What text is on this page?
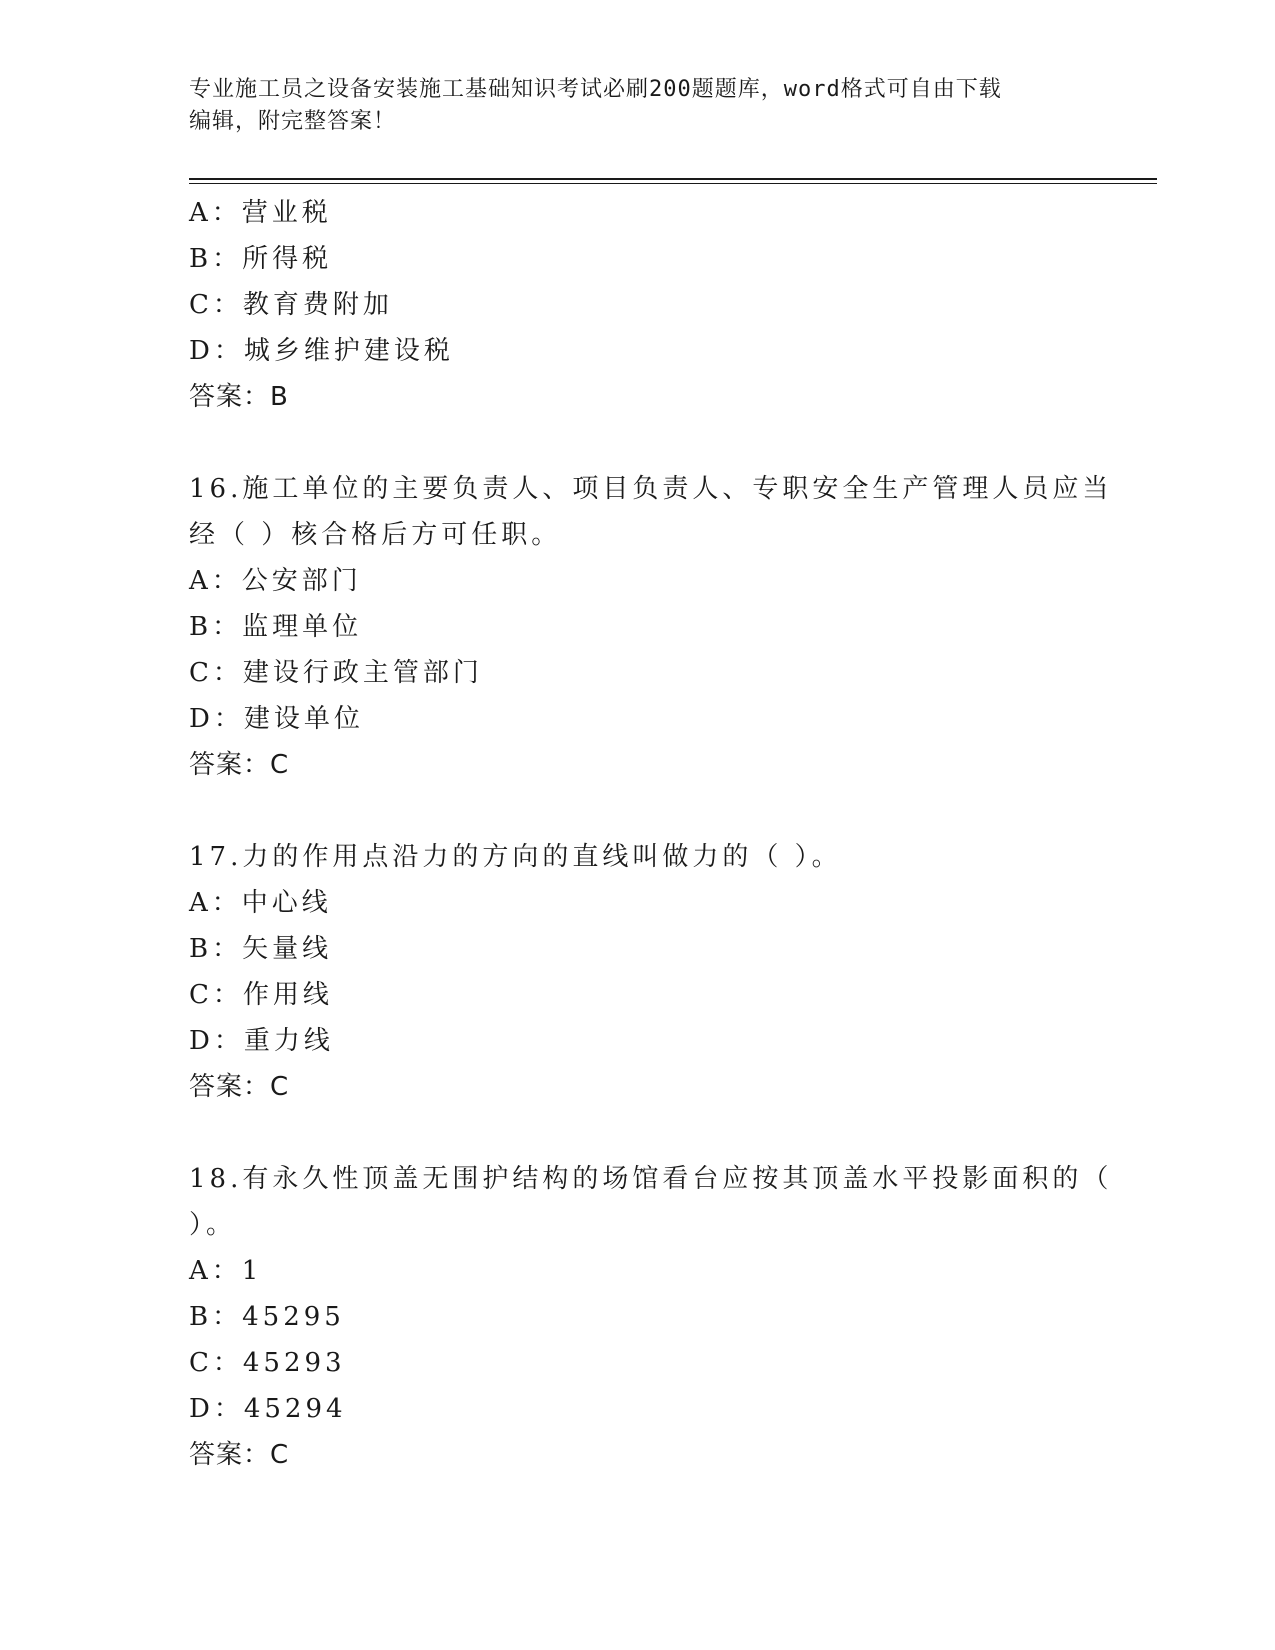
专业施工员之设备安装施工基础知识考试必刷200题题库，word格式可自由下载
编辑，附完整答案！
A：营业税
B：所得税
C：教育费附加
D：城乡维护建设税
答案：B
16.施工单位的主要负责人、项目负责人、专职安全生产管理人员应当
经（ ）核合格后方可任职。
A：公安部门
B：监理单位
C：建设行政主管部门
D：建设单位
答案：C
17.力的作用点沿力的方向的直线叫做力的（ ）。
A：中心线
B：矢量线
C：作用线
D：重力线
答案：C
18.有永久性顶盖无围护结构的场馆看台应按其顶盖水平投影面积的（
）。
A：1
B：45295
C：45293
D：45294
答案：C
